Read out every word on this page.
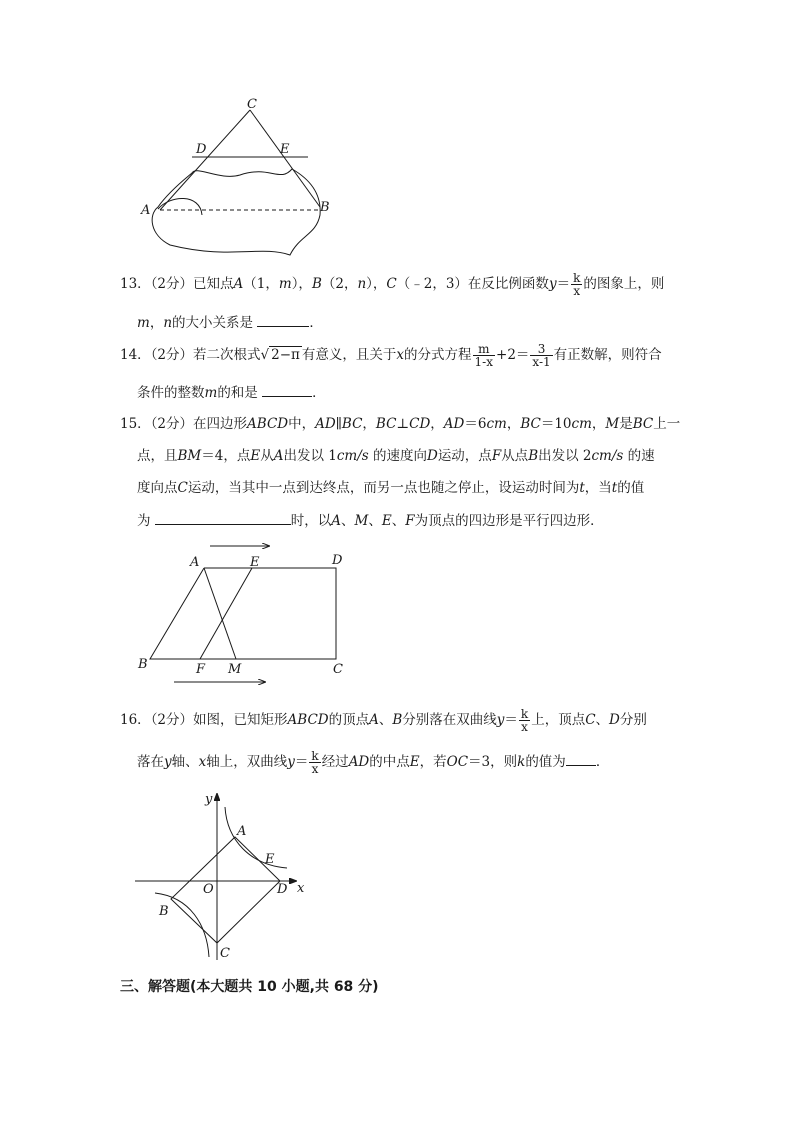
C
D	E
A	B
13．（2分）已知点A（1，m），B（2，n），C（﹣2，3）在反比例函数$y= \frac{k}{x}$ 的图象上，则
m，n的大小关系是	．
14．（2分）若二次根式√ 2−π 有意义，且关于x的分式方程 $\frac{m}{1-x} +2= \frac{3}{x-1}$ 有正数解，则符合
条件的整数m的和是	．
15．（2分）在四边形ABCD中，AD∥BC，BC⊥CD，AD＝6cm，BC＝10cm，M是BC上一
点，且BM＝4，点E从A出发以 1cm/s 的速度向D运动，点F从点B出发以 2cm/s 的速
度向点C运动，当其中一点到达终点，而另一点也随之停止，设运动时间为t，当t的值
为	时，以A、M、E、F为顶点的四边形是平行四边形．
A	E	D
B	F M	C
16．（2分）如图，已知矩形ABCD的顶点A、B分别落在双曲线$y= \frac{k}{x}$ 上，顶点C、D分别
落在y轴、x轴上，双曲线$y= \frac{k}{x}$ 经过AD的中点E，若OC＝3，则k的值为 ．
y
x
A
E
O	D
B
C
三、解答题(本大题共 10 小题,共 68 分)
